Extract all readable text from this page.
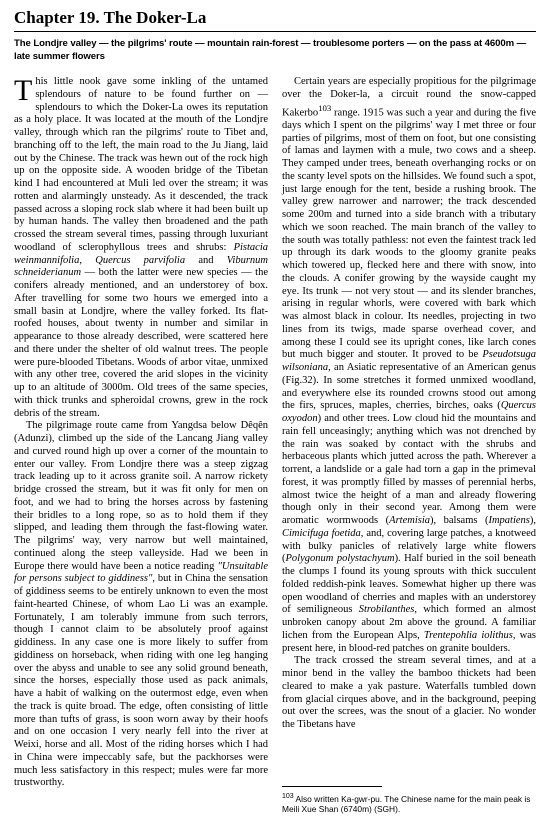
Chapter 19. The Doker-La
The Londjre valley — the pilgrims' route — mountain rain-forest — troublesome porters — on the pass at 4600m — late summer flowers

This little nook gave some inkling of the untamed splendours of nature to be found further on — splendours to which the Doker-La owes its reputation as a holy place. It was located at the mouth of the Londjre valley, through which ran the pilgrims' route to Tibet and, branching off to the left, the main road to the Ju Jiang, laid out by the Chinese. The track was hewn out of the rock high up on the opposite side. A wooden bridge of the Tibetan kind I had encountered at Muli led over the stream; it was rotten and alarmingly unsteady. As it descended, the track passed across a sloping rock slab where it had been built up by human hands. The valley then broadened and the path crossed the stream several times, passing through luxuriant woodland of sclerophyllous trees and shrubs: Pistacia weinmannifolia, Quercus parvifolia and Viburnum schneiderianum — both the latter were new species — the conifers already mentioned, and an understorey of box. After travelling for some two hours we emerged into a small basin at Londjre, where the valley forked. Its flat-roofed houses, about twenty in number and similar in appearance to those already described, were scattered here and there under the shelter of old walnut trees. The people were pure-blooded Tibetans. Woods of arbor vitae, unmixed with any other tree, covered the arid slopes in the vicinity up to an altitude of 3000m. Old trees of the same species, with thick trunks and spheroidal crowns, grew in the rock debris of the stream.

The pilgrimage route came from Yangdsa below Dêqên (Adunzi), climbed up the side of the Lancang Jiang valley and curved round high up over a corner of the mountain to enter our valley. From Londjre there was a steep zigzag track leading up to it across granite soil. A narrow rickety bridge crossed the stream, but it was fit only for men on foot, and we had to bring the horses across by fastening their bridles to a long rope, so as to hold them if they slipped, and leading them through the fast-flowing water. The pilgrims' way, very narrow but well maintained, continued along the steep valleyside. Had we been in Europe there would have been a notice reading "Unsuitable for persons subject to giddiness", but in China the sensation of giddiness seems to be entirely unknown to even the most faint-hearted Chinese, of whom Lao Li was an example. Fortunately, I am tolerably immune from such terrors, though I cannot claim to be absolutely proof against giddiness. In any case one is more likely to suffer from giddiness on horseback, when riding with one leg hanging over the abyss and unable to see any solid ground beneath, since the horses, especially those used as pack animals, have a habit of walking on the outermost edge, even when the track is quite broad. The edge, often consisting of little more than tufts of grass, is soon worn away by their hoofs and on one occasion I very nearly fell into the river at Weixi, horse and all. Most of the riding horses which I had in China were impeccably safe, but the packhorses were much less satisfactory in this respect; mules were far more trustworthy.

Certain years are especially propitious for the pilgrimage over the Doker-la, a circuit round the snow-capped Kakerbo$^{103}$ range. 1915 was such a year and during the five days which I spent on the pilgrims' way I met three or four parties of pilgrims, most of them on foot, but one consisting of lamas and laymen with a mule, two cows and a sheep. They camped under trees, beneath overhanging rocks or on the scanty level spots on the hillsides. We found such a spot, just large enough for the tent, beside a rushing brook. The valley grew narrower and narrower; the track descended some 200m and turned into a side branch with a tributary which we soon reached. The main branch of the valley to the south was totally pathless: not even the faintest track led up through its dark woods to the gloomy granite peaks which towered up, flecked here and there with snow, into the clouds. A conifer growing by the wayside caught my eye. Its trunk — not very stout — and its slender branches, arising in regular whorls, were covered with bark which was almost black in colour. Its needles, projecting in two lines from its twigs, made sparse overhead cover, and among these I could see its upright cones, like larch cones but much bigger and stouter. It proved to be Pseudotsuga wilsoniana, an Asiatic representative of an American genus (Fig.32). In some stretches it formed unmixed woodland, and everywhere else its rounded crowns stood out among the firs, spruces, maples, cherries, birches, oaks (Quercus oxyodon) and other trees. Low cloud hid the mountains and rain fell unceasingly; anything which was not drenched by the rain was soaked by contact with the shrubs and herbaceous plants which jutted across the path. Wherever a torrent, a landslide or a gale had torn a gap in the primeval forest, it was promptly filled by masses of perennial herbs, almost twice the height of a man and already flowering though only in their second year. Among them were aromatic wormwoods (Artemisia), balsams (Impatiens), Cimicifuga foetida, and, covering large patches, a knotweed with bulky panicles of relatively large white flowers (Polygonum polystachyum). Half buried in the soil beneath the clumps I found its young sprouts with thick succulent folded reddish-pink leaves. Somewhat higher up there was open woodland of cherries and maples with an understorey of semiligneous Strobilanthes, which formed an almost unbroken canopy about 2m above the ground. A familiar lichen from the European Alps, Trentepohlia iolithus, was present here, in blood-red patches on granite boulders.

The track crossed the stream several times, and at a minor bend in the valley the bamboo thickets had been cleared to make a yak pasture. Waterfalls tumbled down from glacial cirques above, and in the background, peeping out over the screes, was the snout of a glacier. No wonder the Tibetans have

$^{103}$ Also written Ka-gwr-pu. The Chinese name for the main peak is Meili Xue Shan (6740m) (SGH).
